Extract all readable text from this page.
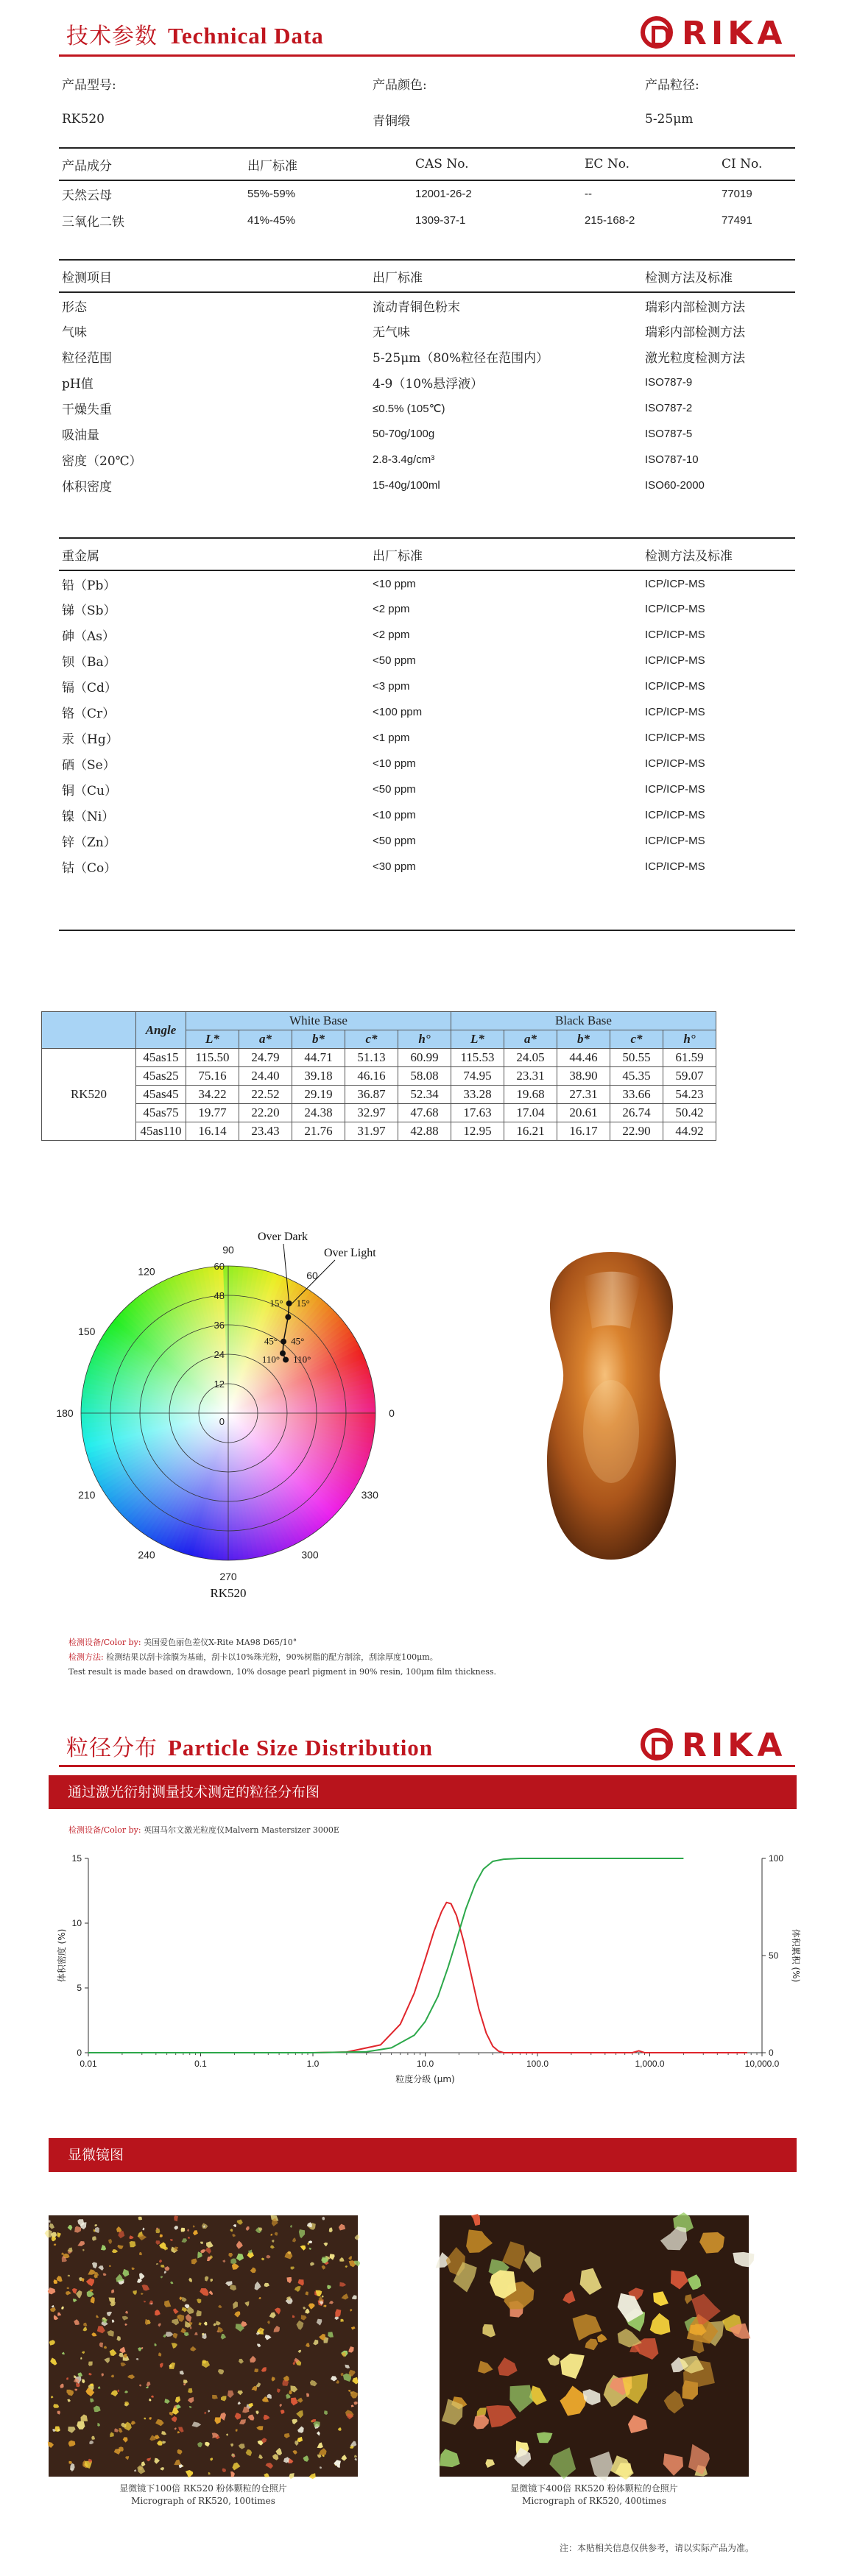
技术参数 Technical Data	RIKA
产品型号:	产品颜色:	产品粒径:
RK520	青铜缎	5-25μm
产品成分	出厂标准	CAS No.	EC No.	CI No.
天然云母	55%-59%	12001-26-2	--	77019
三氧化二铁	41%-45%	1309-37-1	215-168-2	77491
检测项目	出厂标准	检测方法及标准
形态	流动青铜色粉末	瑞彩内部检测方法
气味	无气味	瑞彩内部检测方法
粒径范围	5-25μm（80%粒径在范围内）	激光粒度检测方法
pH值	4-9（10%悬浮液）	ISO787-9
干燥失重	≤0.5% (105℃)	ISO787-2
吸油量	50-70g/100g	ISO787-5
密度（20℃）	2.8-3.4g/cm³	ISO787-10
体积密度	15-40g/100ml	ISO60-2000
重金属	出厂标准	检测方法及标准
铅（Pb）	<10 ppm	ICP/ICP-MS
锑（Sb）	<2 ppm	ICP/ICP-MS
砷（As）	<2 ppm	ICP/ICP-MS
钡（Ba）	<50 ppm	ICP/ICP-MS
镉（Cd）	<3 ppm	ICP/ICP-MS
铬（Cr）	<100 ppm	ICP/ICP-MS
汞（Hg）	<1 ppm	ICP/ICP-MS
硒（Se）	<10 ppm	ICP/ICP-MS
铜（Cu）	<50 ppm	ICP/ICP-MS
镍（Ni）	<10 ppm	ICP/ICP-MS
锌（Zn）	<50 ppm	ICP/ICP-MS
钴（Co）	<30 ppm	ICP/ICP-MS
	Angle	White Base					Black Base				
		L*	a*	b*	c*	h°	L*	a*	b*	c*	h°
RK520	45as15	115.50	24.79	44.71	51.13	60.99	115.53	24.05	44.46	50.55	61.59
	45as25	75.16	24.40	39.18	46.16	58.08	74.95	23.31	38.90	45.35	59.07
	45as45	34.22	22.52	29.19	36.87	52.34	33.28	19.68	27.31	33.66	54.23
	45as75	19.77	22.20	24.38	32.97	47.68	17.63	17.04	20.61	26.74	50.42
	45as110	16.14	23.43	21.76	31.97	42.88	12.95	16.21	16.17	22.90	44.92
0
60
90
120
150
180
210
240
270
300
330
0
12
24
36
48
60
15° 15°
45° 45°
110° 110°
Over Dark
Over Light
RK520
检测设备/Color by: 美国爱色丽色差仪X-Rite MA98 D65/10°
检测方法: 检测结果以刮卡涂膜为基础，刮卡以10%珠光粉，90%树脂的配方制涂，刮涂厚度100μm。
Test result is made based on drawdown, 10% dosage pearl pigment in 90% resin, 100μm film thickness.
粒径分布 Particle Size Distribution	RIKA
通过激光衍射测量技术测定的粒径分布图
检测设备/Color by: 英国马尔文激光粒度仪Malvern Mastersizer 3000E
0.01	0.1	1.0	10.0	100.0	1,000.0	10,000.0
0
5
10
15
0
50
100
粒度分级 (μm)
体积密度 (%)	体积累积 (%)
显微镜图
显微镜下100倍 RK520 粉体颗粒的仓照片
Micrograph of RK520, 100times
显微镜下400倍 RK520 粉体颗粒的仓照片
Micrograph of RK520, 400times
注：本贴相关信息仅供参考，请以实际产品为准。
